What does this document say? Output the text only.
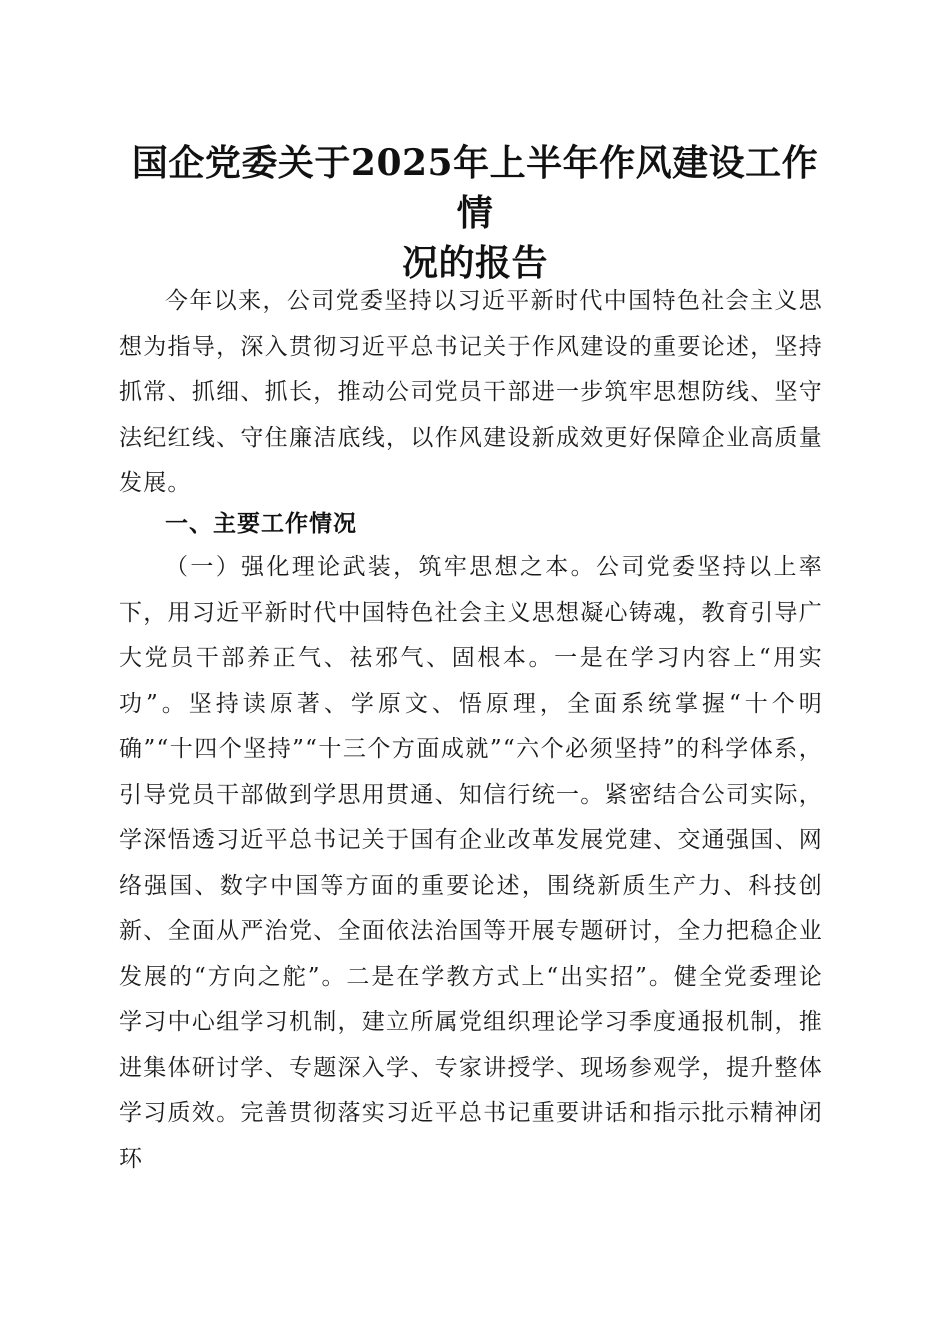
国企党委关于2025年上半年作风建设工作情
况的报告

今年以来，公司党委坚持以习近平新时代中国特色社会主义思想为指导，深入贯彻习近平总书记关于作风建设的重要论述，坚持抓常、抓细、抓长，推动公司党员干部进一步筑牢思想防线、坚守法纪红线、守住廉洁底线，以作风建设新成效更好保障企业高质量发展。

一、主要工作情况

（一）强化理论武装，筑牢思想之本。公司党委坚持以上率下，用习近平新时代中国特色社会主义思想凝心铸魂，教育引导广大党员干部养正气、祛邪气、固根本。一是在学习内容上“用实功”。坚持读原著、学原文、悟原理，全面系统掌握“十个明确”“十四个坚持”“十三个方面成就”“六个必须坚持”的科学体系，引导党员干部做到学思用贯通、知信行统一。紧密结合公司实际，学深悟透习近平总书记关于国有企业改革发展党建、交通强国、网络强国、数字中国等方面的重要论述，围绕新质生产力、科技创新、全面从严治党、全面依法治国等开展专题研讨，全力把稳企业发展的“方向之舵”。二是在学教方式上“出实招”。健全党委理论学习中心组学习机制，建立所属党组织理论学习季度通报机制，推进集体研讨学、专题深入学、专家讲授学、现场参观学，提升整体学习质效。完善贯彻落实习近平总书记重要讲话和指示批示精神闭环
